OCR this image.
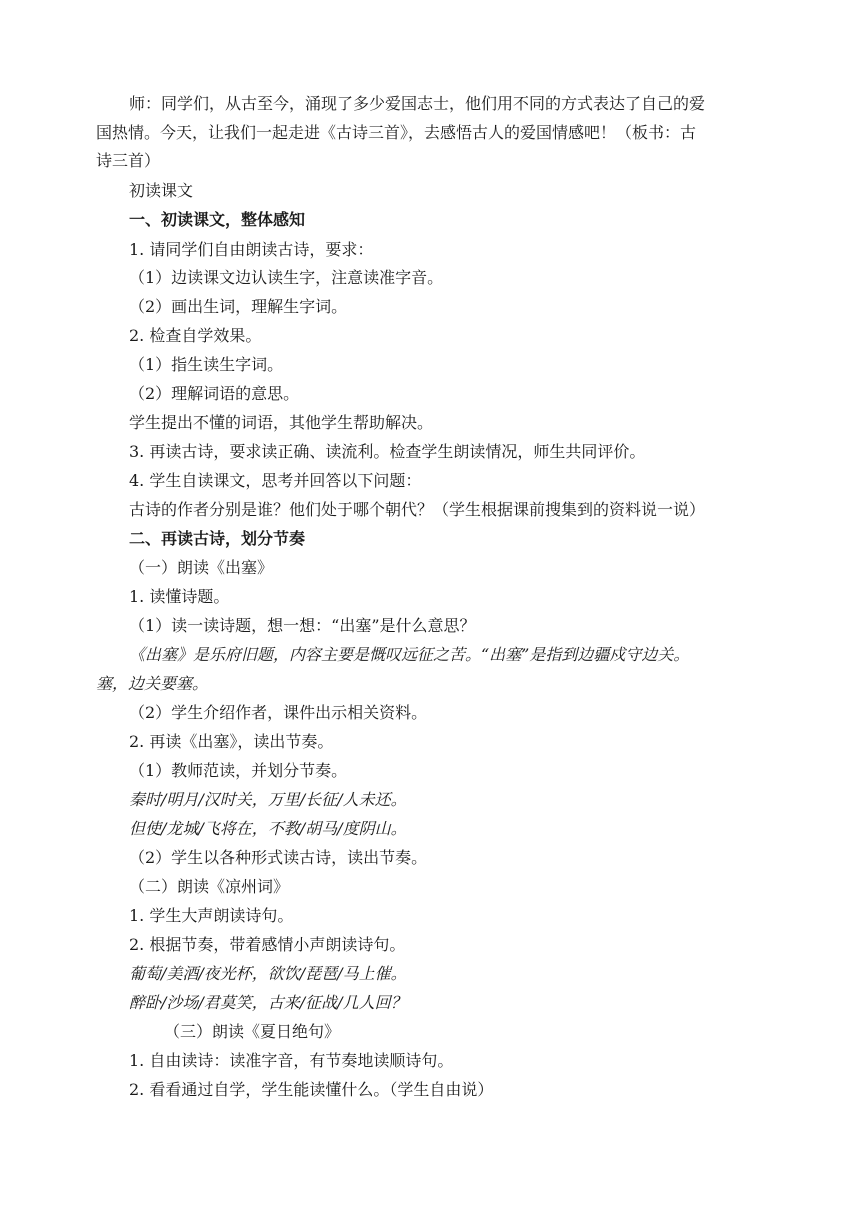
师：同学们，从古至今，涌现了多少爱国志士，他们用不同的方式表达了自己的爱
国热情。今天，让我们一起走进《古诗三首》，去感悟古人的爱国情感吧！（板书：古
诗三首）
初读课文
一、初读课文，整体感知
1. 请同学们自由朗读古诗，要求：
（1）边读课文边认读生字，注意读准字音。
（2）画出生词，理解生字词。
2. 检查自学效果。
（1）指生读生字词。
（2）理解词语的意思。
学生提出不懂的词语，其他学生帮助解决。
3. 再读古诗，要求读正确、读流利。检查学生朗读情况，师生共同评价。
4. 学生自读课文，思考并回答以下问题：
古诗的作者分别是谁？他们处于哪个朝代？（学生根据课前搜集到的资料说一说）
二、再读古诗，划分节奏
（一）朗读《出塞》
1. 读懂诗题。
（1）读一读诗题，想一想：“出塞”是什么意思？
《出塞》是乐府旧题，内容主要是慨叹远征之苦。“出塞”是指到边疆戍守边关。
塞，边关要塞。
（2）学生介绍作者，课件出示相关资料。
2. 再读《出塞》，读出节奏。
（1）教师范读，并划分节奏。
秦时/明月/汉时关，万里/长征/人未还。
但使/龙城/飞将在，不教/胡马/度阴山。
（2）学生以各种形式读古诗，读出节奏。
（二）朗读《凉州词》
1. 学生大声朗读诗句。
2. 根据节奏，带着感情小声朗读诗句。
葡萄/美酒/夜光杯，欲饮/琵琶/马上催。
醉卧/沙场/君莫笑，古来/征战/几人回？
（三）朗读《夏日绝句》
1. 自由读诗：读准字音，有节奏地读顺诗句。
2. 看看通过自学，学生能读懂什么。（学生自由说）
